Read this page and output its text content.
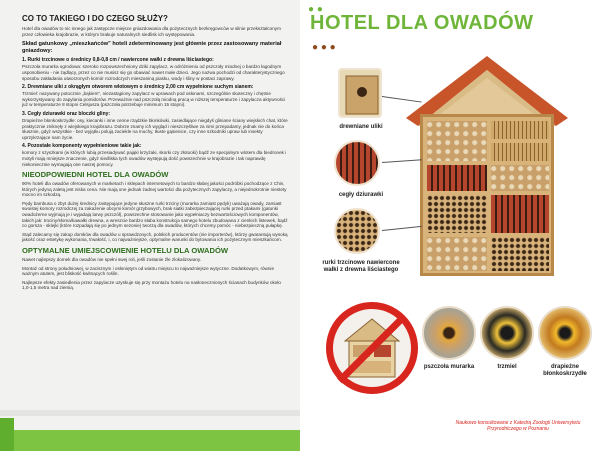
CO TO TAKIEGO I DO CZEGO SŁUŻY?
Hotel dla owadów to nic innego jak zastępcze miejsce gniazdowania dla pożytecznych bezkręgowców w silnie przekształconym przez człowieka krajobrazie, w którym brakuje naturalnych siedlisk ich występowania.
Skład gatunkowy „mieszkańców" hoteli zdeterminowany jest głównie przez zastosowany materiał gniazdowy:
1. Rurki trzcinowe o średnicy 0,8-0,8 cm / nawiercone wałki z drewna liściastego:
Pszczoła murarka ogrodowa: szeroko rozpowszechniony dziki zapylacz, w odróżnieniu od pszczoły miodnej o bardzo łagodnym usposobieniu - nie żądlący, przez co nie musisz się go obawiać nawet małe dzieci. Jego nazwa pochodzi od charakterystycznego sposobu zakładania utworzonych komór rozrodczych mieszaniną piasku, wody i śliny w postaci zaprawy.
2. Drewniane ulki z okrągłym otworem wlotowym o średnicy 2,00 cm wypełnione suchym sianem:
Trzmiel: nazywany potocznie „bąkiem", niezastąpiony zapylacz w uprawach pod osłonami, szczególnie skuteczny i chętnie wykorzystywany do zapylania pomidorów. Przeważnie nad pszczołą miodną pracą w niższej temperaturze i zapylacza aktywności już w temperaturze 8 stopni Celsjusza (pszczoła potrzebuje minimum 15 stopni).
3. Cegły dziurawki oraz bloczki gliny:
Drapieżne błonkoskrzydłe: osy, kiecanki i inne cenne rządzkie błonkówki, zasiedlające niegdyś gliniane ściany wiejskich chat, które praktycznie zniknęły z wiejskiego krajobrazu. Dobrze znamy ich wygląd i nieszczęśliwe za nimi przepadamy, jednak nie do końca słusznie, gdyż wszystkie - bez wyjątku polują zaciekle na muchy, tłuste gąsienice, czy inne szkodniki upraw lub insekty uprzykrzające nam życie.
4. Pozostałe komponenty wypełnieniowe takie jak:
komory z szyszkami (w których lubią przesiadywać pająki krzyżaki, skorki czy złotooki) bądź ze specjalnym wlotem dla biedronek i motyli mają mniejsze znaczenie, gdyż siedliska tych owadów występują dość powszechnie w krajobrazie i tak naprawdę niekoniecznie wymagają one naszej pomocy.
NIEODPOWIEDNI HOTEL DLA OWADÓW
90% hoteli dla owadów oferowanych w marketach i sklepach internetowych to bardzo słabej jakości podróbki pochodzące z Chin, których jedyną zaletą jest niska cena. Nie mają one jednak żadnej wartości dla pożytecznych zapylaczy, a niejednokrotnie niestety mocno im szkodzą.
Pędy bambusa o zbyt dużej średnicy zastępujące jedyne słuszne rurki trzciny (murarka zamiast pędyk) uważają owady, zamiast swoistej komory rozrodczej za zakażenie obcymi komór grzybowych, brak siatki zabezpieczającej rurki przed ptakami (gatunki owadożerne wyjmują je i wyjadają larwy pszczół), powszechne stosowanie jako wypełniaczy bezwartościowych komponentów, takich jak: trociny/słoma/kawałki drewna, a wreszcie bardzo słaba konstrukcja samego hotelu zbudowana z cienkich listewek, bądź co gorsza - sklejki (które rozpadają się po jednym sezonie) tworzą dla owadów, których chcemy pomóc - niebezpieczną pułapkę.
Stąd zalecamy się zakup domków dla owadów u sprawdzonych, polskich producentów (nie importerów), którzy gwarantują wysoką jakość oraz estetykę wykonania, trwałość, i, co najważniejsze, optymalne warunki do bytowania ich pożytecznym mieszkańcom.
OPTYMALNE UMIEJSCOWIENIE HOTELU DLA OWADÓW
Nawet najlepszy domek dla owadów nie spełni swej roli, jeśli zostanie źle zlokalizowany.
Montaż od strony południowej, w zacisznym i osłoniętym od wiatru miejscu to najważniejsze wytyczne. Dodatkowym, równie ważnym atutem, jest bliskość kwitnących roślin.
Najlepsze efekty zasiedlenia przez zapylacze uzyskuje się przy montażu hotelu na nasłonecznionych ścianach budynków około 1,0-1,5 metra nad ziemią.
● ●
HOTEL DLA OWADÓW
● ● ●
drewniane uliki
cegły dziurawki
rurki trzcinowe nawiercone wałki z drewna liściastego
pszczoła murarka	trzmiel	drapieżne błonkoskrzydłe
Naukowo konsultowane z Katedrą Zoologii Uniwersytetu Przyrodniczego w Poznaniu
